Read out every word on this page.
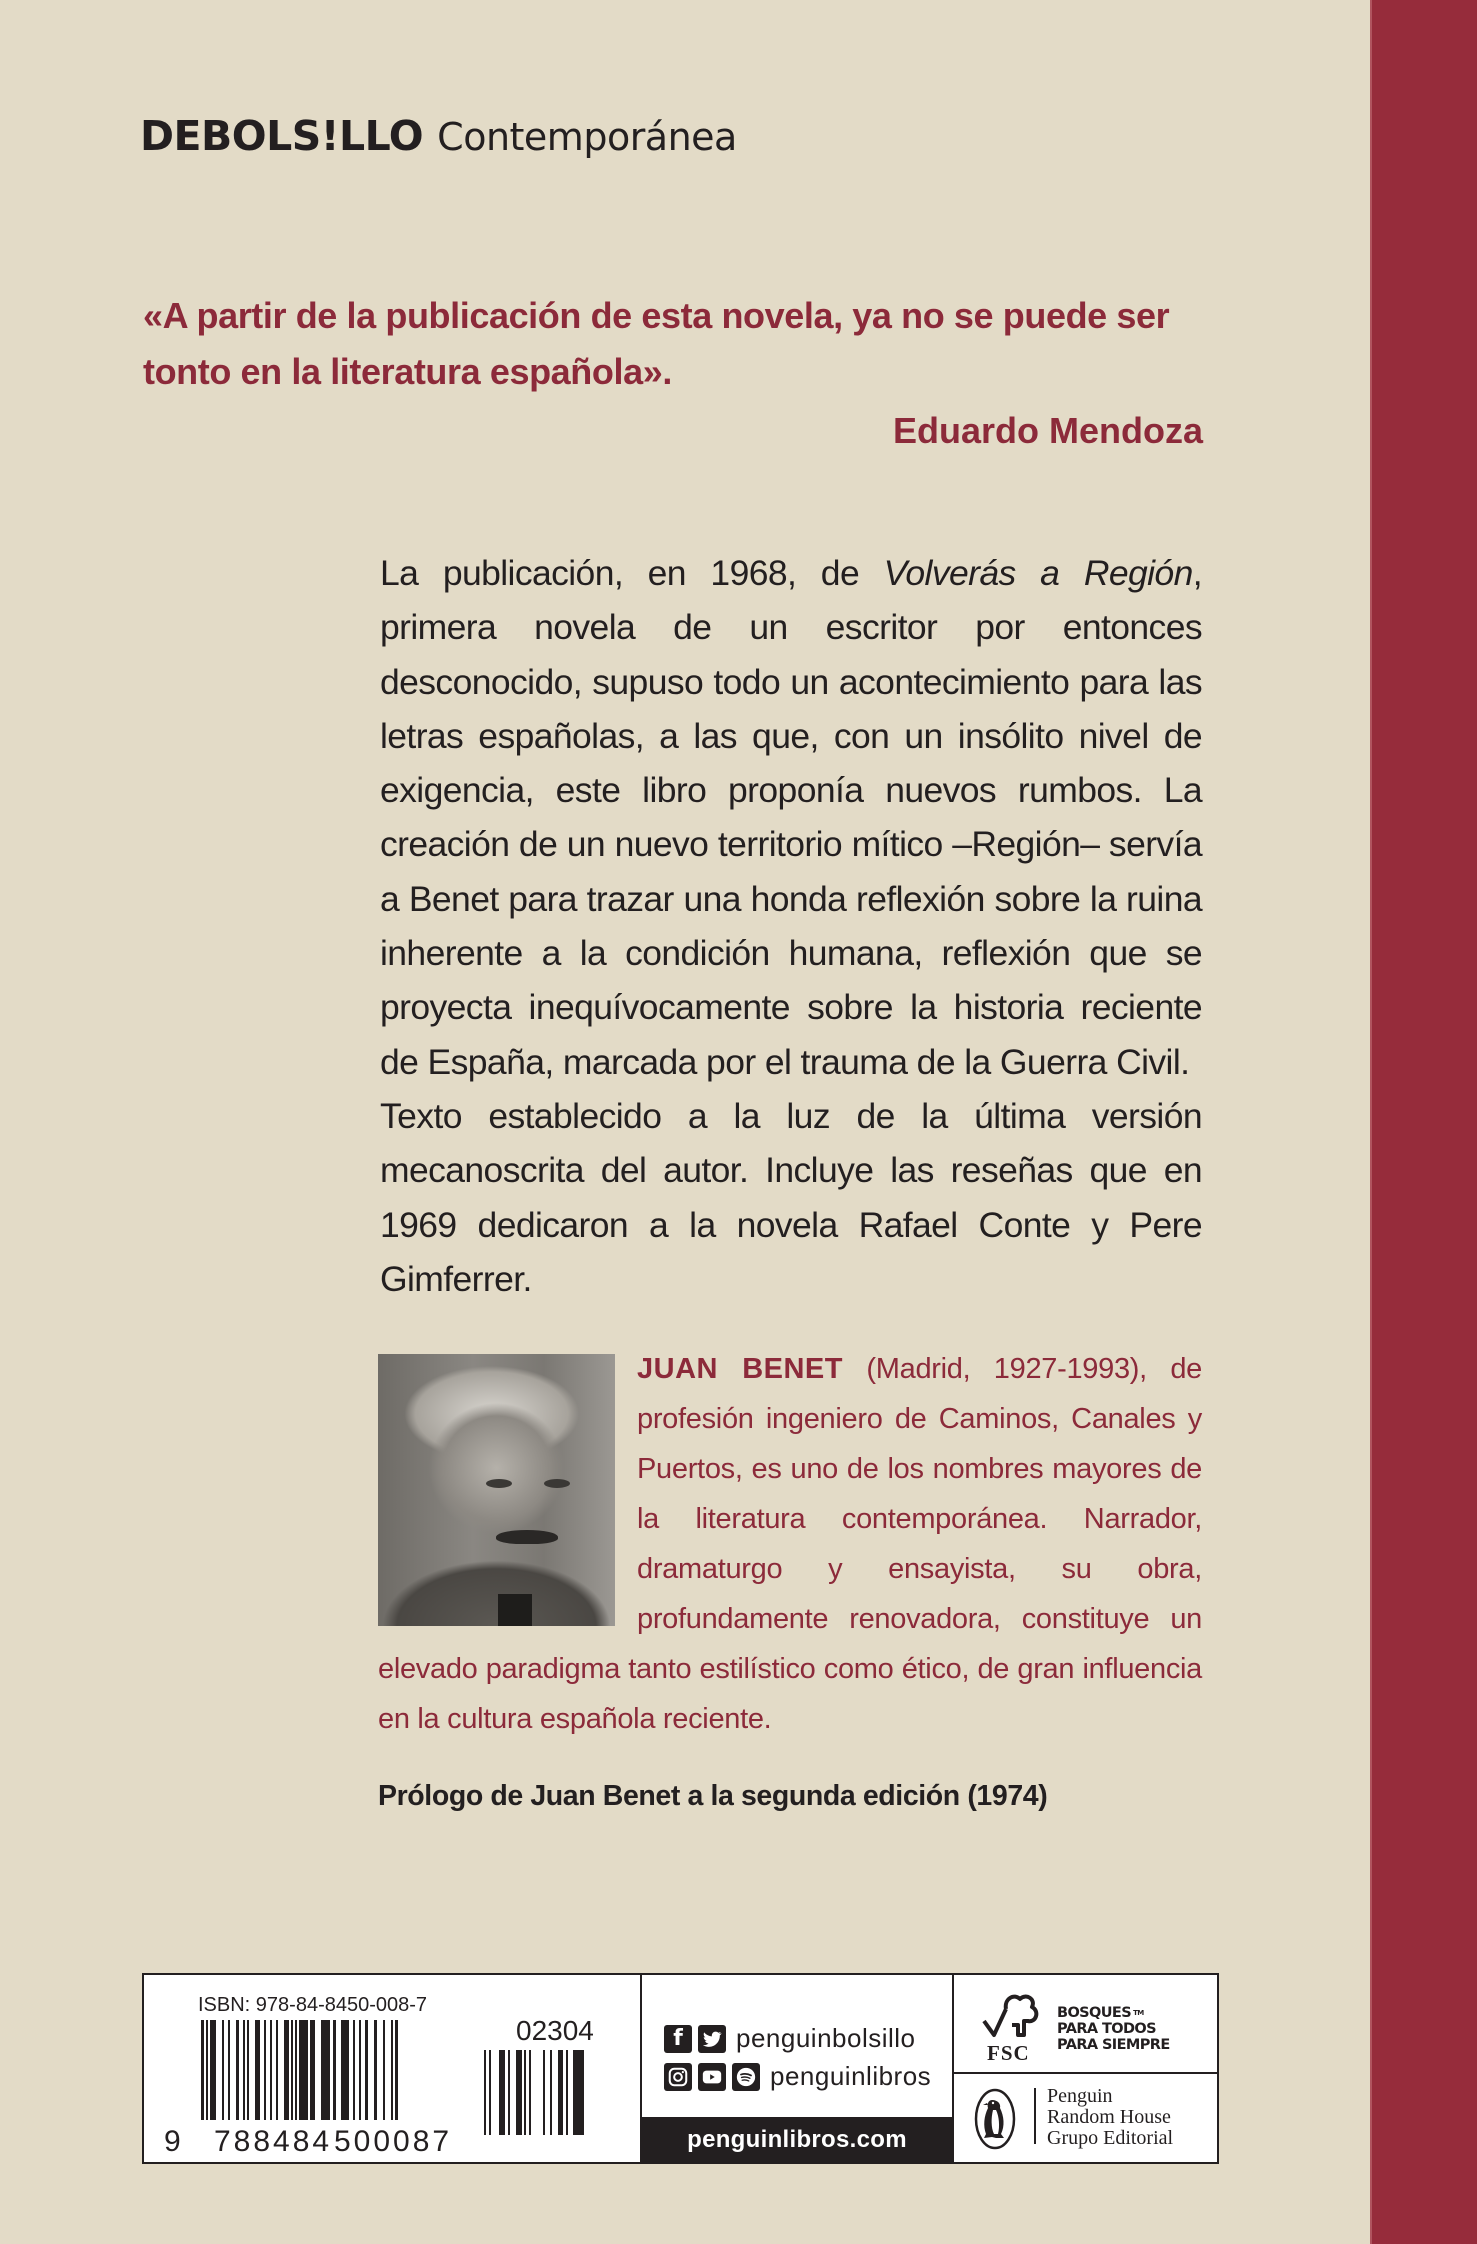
DEBOLS!LLO Contemporánea
«A partir de la publicación de esta novela, ya no se puede ser tonto en la literatura española».
Eduardo Mendoza

La publicación, en 1968, de Volverás a Región, primera novela de un escritor por entonces desconocido, supuso todo un acontecimiento para las letras españolas, a las que, con un insólito nivel de exigencia, este libro proponía nuevos rumbos. La creación de un nuevo territorio mítico –Región– servía a Benet para trazar una honda reflexión sobre la ruina inherente a la condición humana, reflexión que se proyecta inequívocamente sobre la historia reciente de España, marcada por el trauma de la Guerra Civil.

Texto establecido a la luz de la última versión mecanoscrita del autor. Incluye las reseñas que en 1969 dedicaron a la novela Rafael Conte y Pere Gimferrer.

JUAN BENET (Madrid, 1927-1993), de profesión ingeniero de Caminos, Canales y Puertos, es uno de los nombres mayores de la literatura contemporánea. Narrador, dramaturgo y ensayista, su obra, profundamente renovadora, constituye un elevado paradigma tanto estilístico como ético, de gran influencia en la cultura española reciente.
Prólogo de Juan Benet a la segunda edición (1974)
ISBN: 978-84-8450-008-7
9 788484 500087
02304	f	penguinbolsillo
penguinlibros
penguinlibros.com
FSC
BOSQUES ™
PARA TODOS
PARA SIEMPRE
Penguin
Random House
Grupo Editorial
